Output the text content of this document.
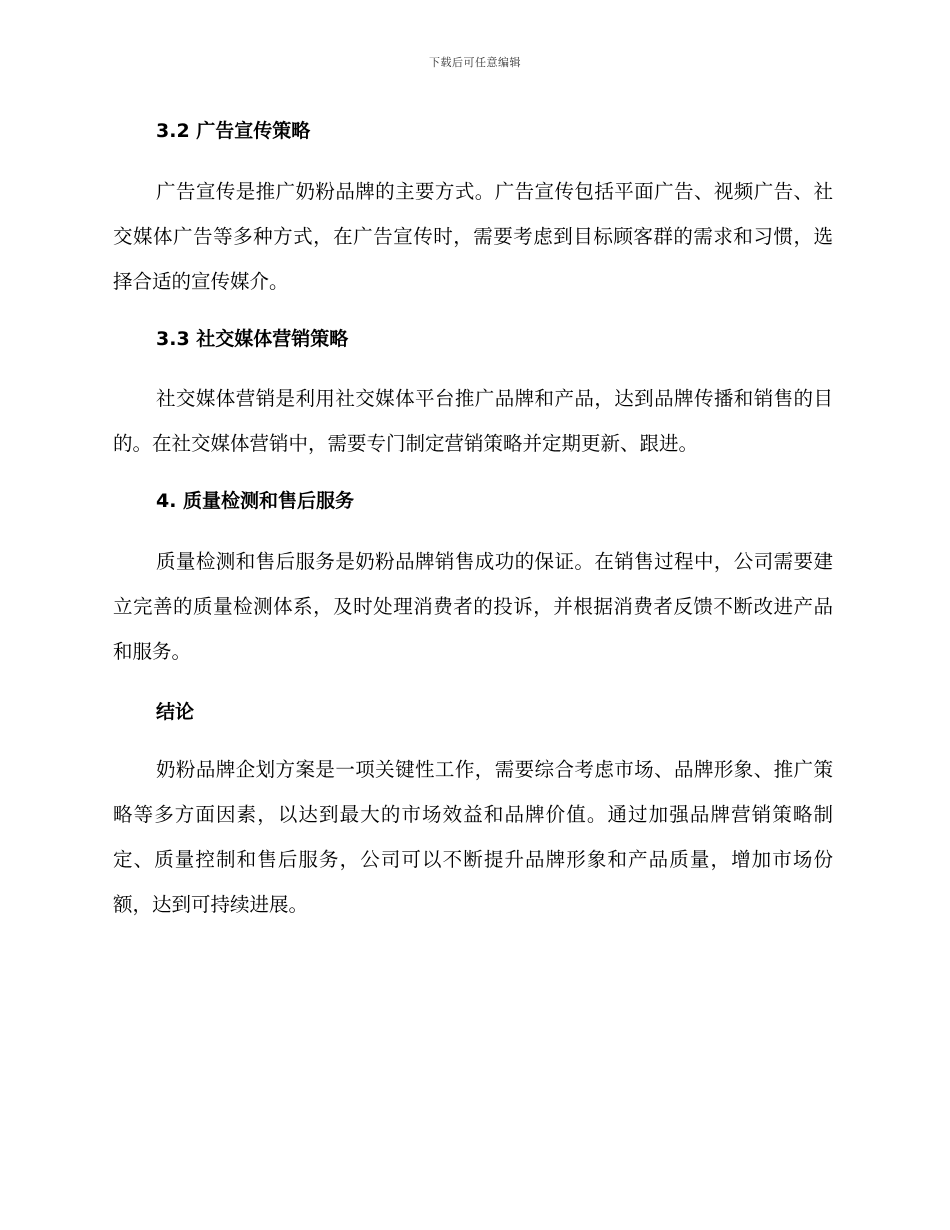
下载后可任意编辑
3.2 广告宣传策略

广告宣传是推广奶粉品牌的主要方式。广告宣传包括平面广告、视频广告、社交媒体广告等多种方式，在广告宣传时，需要考虑到目标顾客群的需求和习惯，选择合适的宣传媒介。

3.3 社交媒体营销策略

社交媒体营销是利用社交媒体平台推广品牌和产品，达到品牌传播和销售的目的。在社交媒体营销中，需要专门制定营销策略并定期更新、跟进。

4. 质量检测和售后服务

质量检测和售后服务是奶粉品牌销售成功的保证。在销售过程中，公司需要建立完善的质量检测体系，及时处理消费者的投诉，并根据消费者反馈不断改进产品和服务。

结论

奶粉品牌企划方案是一项关键性工作，需要综合考虑市场、品牌形象、推广策略等多方面因素，以达到最大的市场效益和品牌价值。通过加强品牌营销策略制定、质量控制和售后服务，公司可以不断提升品牌形象和产品质量，增加市场份额，达到可持续进展。
